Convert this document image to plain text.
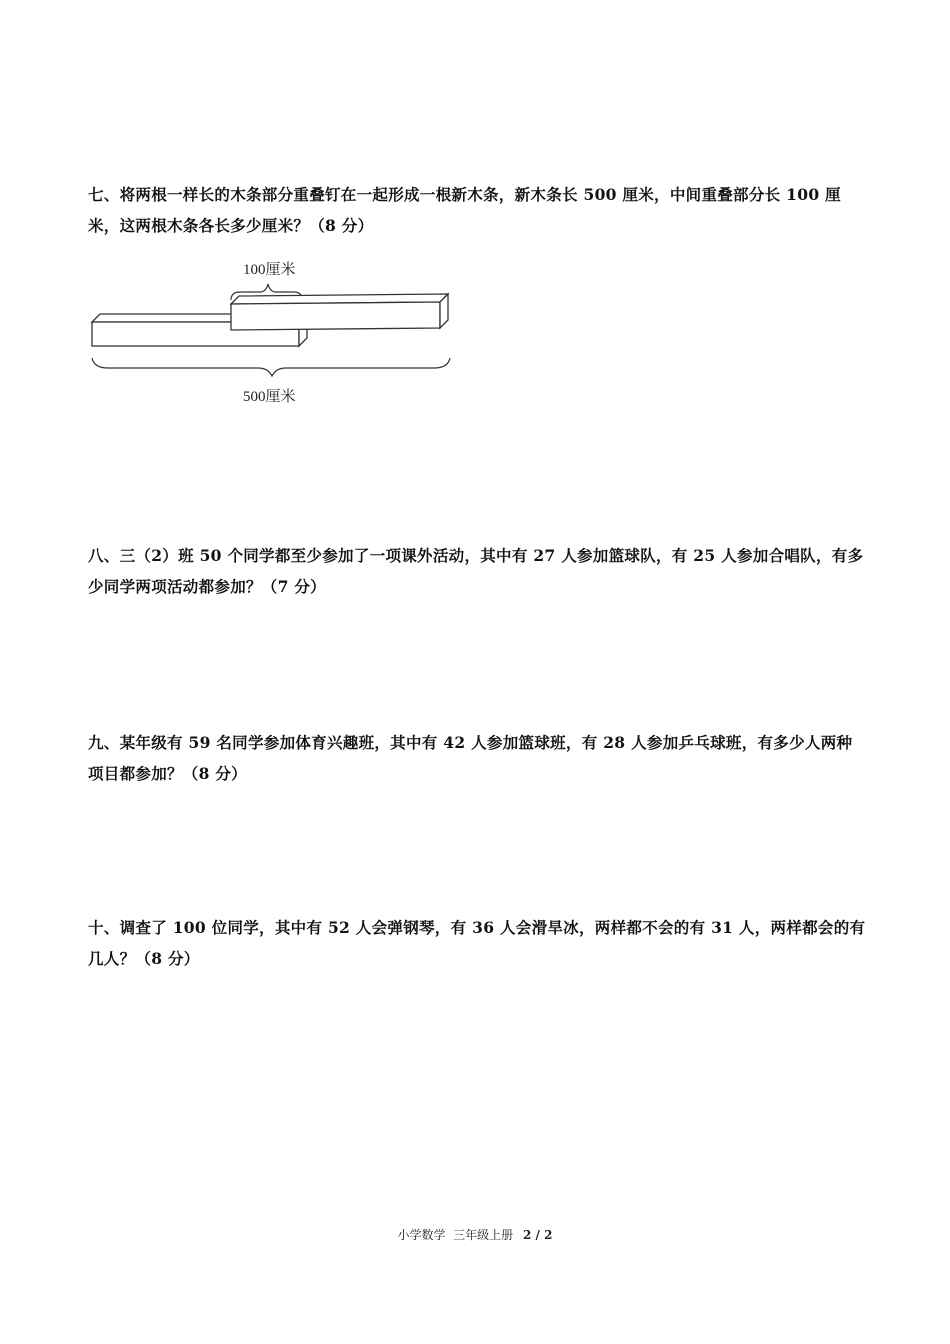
七、将两根一样长的木条部分重叠钉在一起形成一根新木条，新木条长 500 厘米，中间重叠部分长 100 厘米，这两根木条各长多少厘米？（8 分）
100厘米
500厘米
八、三（2）班 50 个同学都至少参加了一项课外活动，其中有 27 人参加篮球队，有 25 人参加合唱队，有多少同学两项活动都参加？（7 分）
九、某年级有 59 名同学参加体育兴趣班，其中有 42 人参加篮球班，有 28 人参加乒乓球班，有多少人两种项目都参加？（8 分）
十、调查了 100 位同学，其中有 52 人会弹钢琴，有 36 人会滑旱冰，两样都不会的有 31 人，两样都会的有几人？（8 分）
小学数学  三年级上册 2 / 2
